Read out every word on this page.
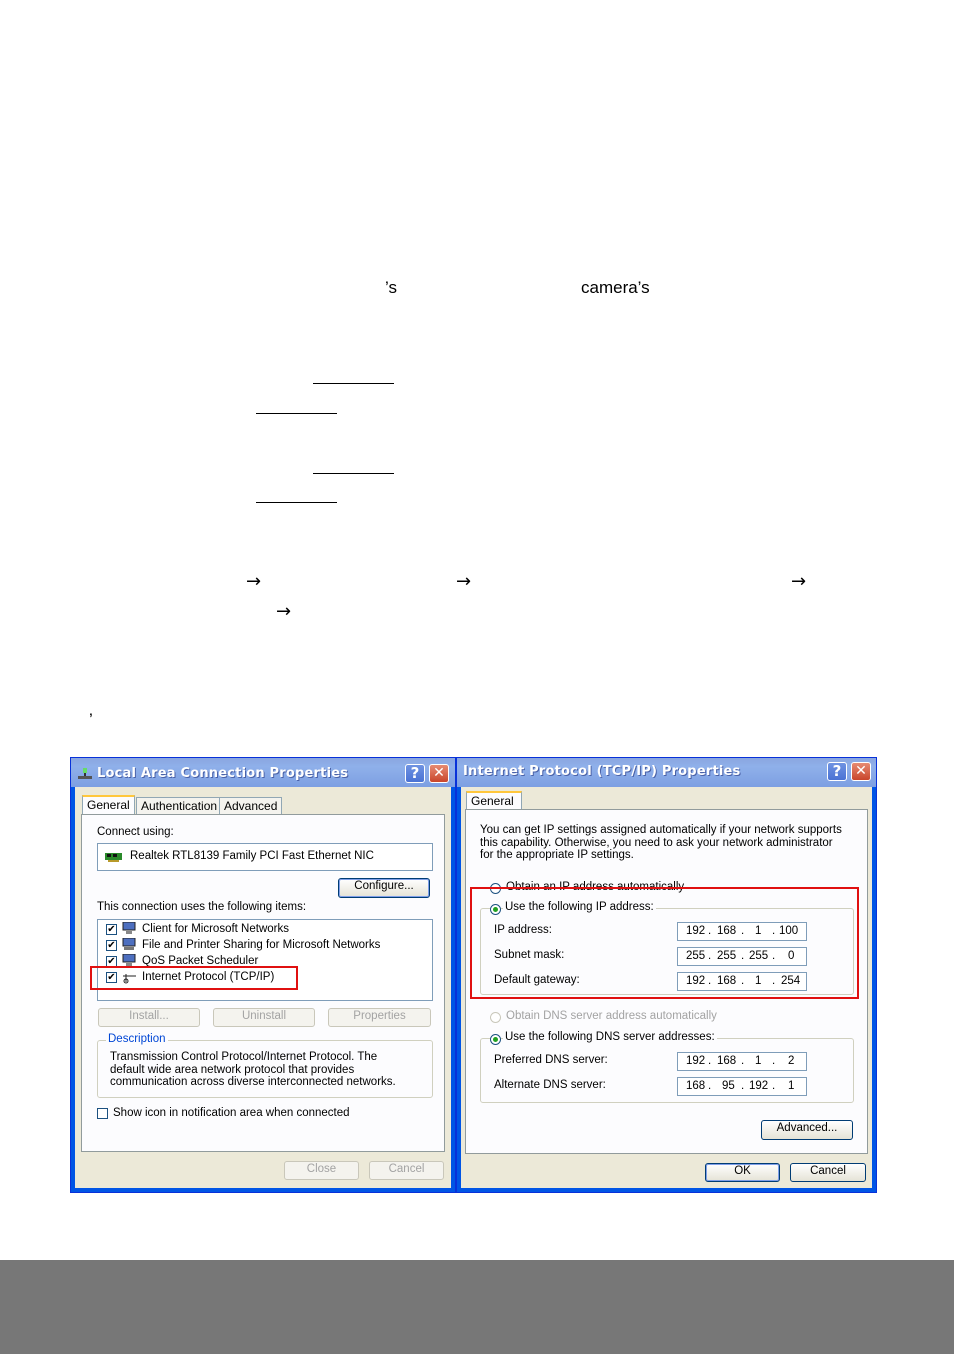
’s	camera’s
→	→	→
→
’
Local Area Connection Properties	? ✕
General Authentication Advanced
Connect using:
Realtek RTL8139 Family PCI Fast Ethernet NIC
Configure...
This connection uses the following items:
✔ Client for Microsoft Networks
✔ File and Printer Sharing for Microsoft Networks
✔ QoS Packet Scheduler
✔ Internet Protocol (TCP/IP)
Install...	Uninstall	Properties
Description
Transmission Control Protocol/Internet Protocol. The default wide area network protocol that provides communication across diverse interconnected networks.
Show icon in notification area when connected
Close	Cancel
Internet Protocol (TCP/IP) Properties	? ✕
General
You can get IP settings assigned automatically if your network supports this capability. Otherwise, you need to ask your network administrator for the appropriate IP settings.
Obtain an IP address automatically
Use the following IP address:
IP address:	192 . 168 . 1 . 100
Subnet mask:	255 . 255 . 255 . 0
Default gateway:	192 . 168 . 1 . 254
Obtain DNS server address automatically
Use the following DNS server addresses:
Preferred DNS server:	192 . 168 . 1 . 2
Alternate DNS server:	168 . 95 . 192 . 1
Advanced...
OK	Cancel
